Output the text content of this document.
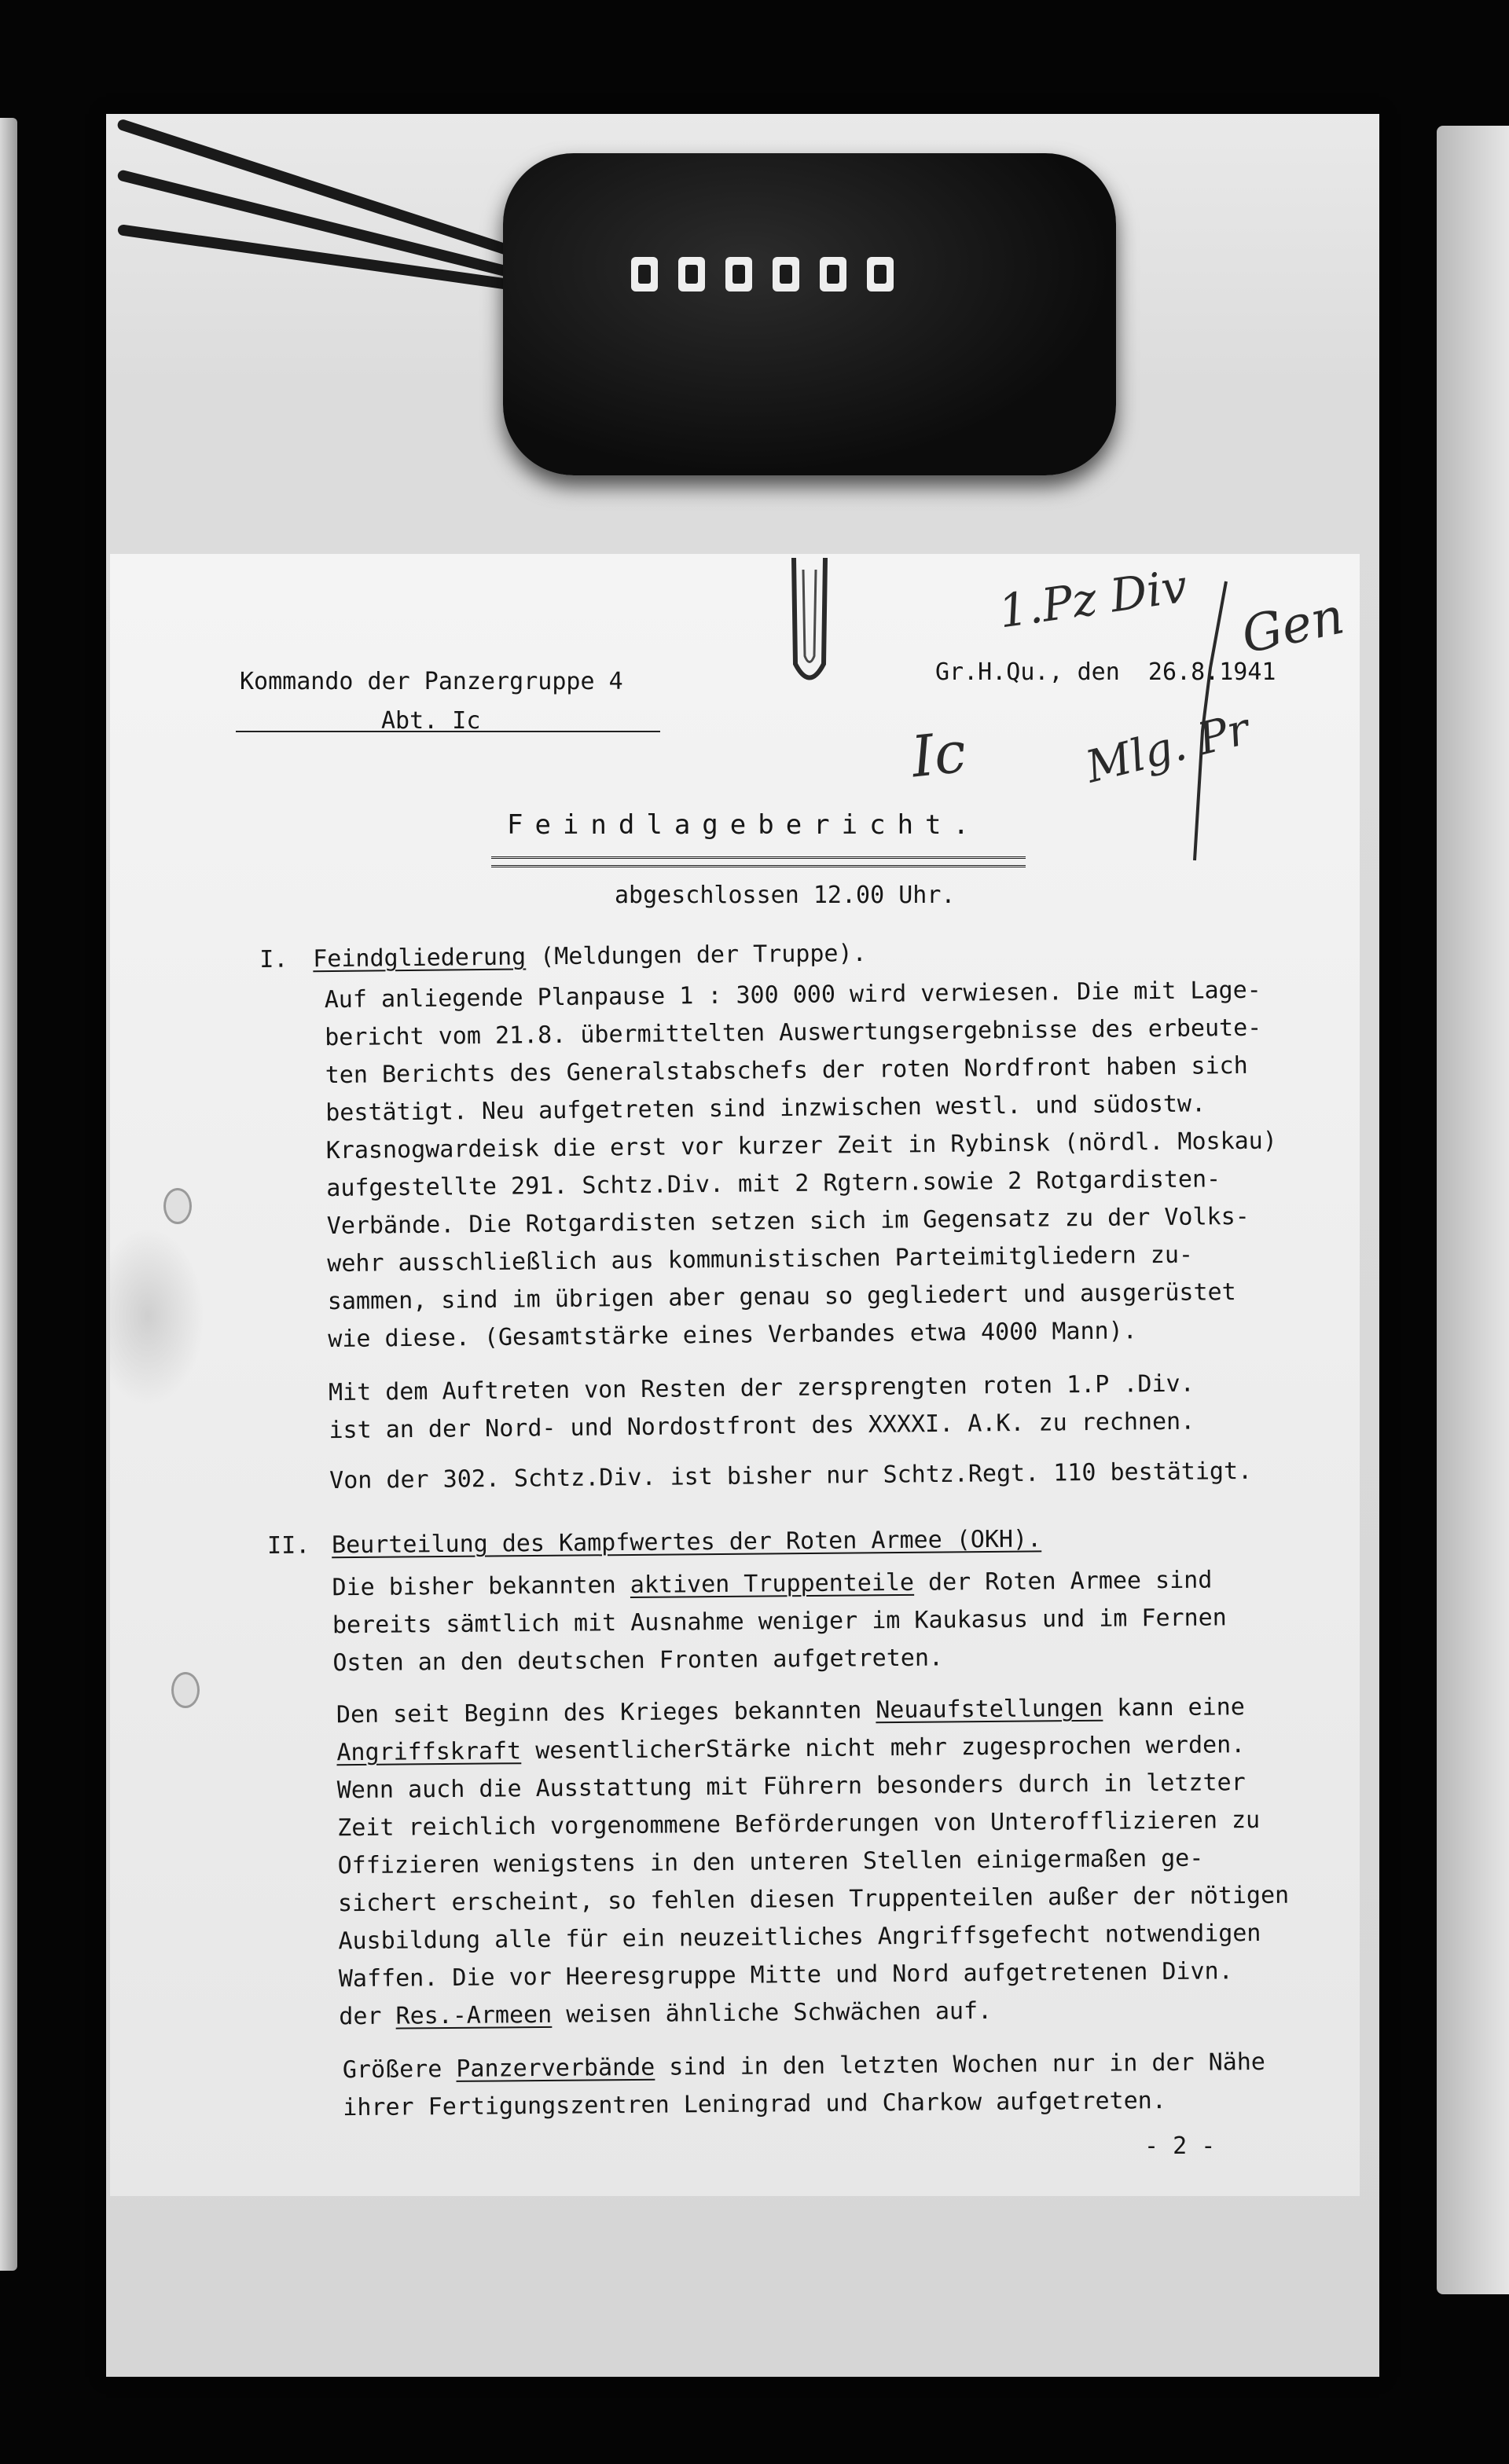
Kommando der Panzergruppe 4

Abt. Ic

Gr.H.Qu., den  26.8.1941

1.Pz Div Gen
Ic	Mlg. Pr
Feindlagebericht.

abgeschlossen 12.00 Uhr.

I. Feindgliederung (Meldungen der Truppe).

Auf anliegende Planpause 1 : 300 000 wird verwiesen. Die mit Lage-

bericht vom 21.8. übermittelten Auswertungsergebnisse des erbeute-

ten Berichts des Generalstabschefs der roten Nordfront haben sich

bestätigt. Neu aufgetreten sind inzwischen westl. und südostw.

Krasnogwardeisk die erst vor kurzer Zeit in Rybinsk (nördl. Moskau)

aufgestellte 291. Schtz.Div. mit 2 Rgtern.sowie 2 Rotgardisten-

Verbände. Die Rotgardisten setzen sich im Gegensatz zu der Volks-

wehr ausschließlich aus kommunistischen Parteimitgliedern zu-

sammen, sind im übrigen aber genau so gegliedert und ausgerüstet

wie diese. (Gesamtstärke eines Verbandes etwa 4000 Mann).

Mit dem Auftreten von Resten der zersprengten roten 1.P .Div.

ist an der Nord- und Nordostfront des XXXXI. A.K. zu rechnen.

Von der 302. Schtz.Div. ist bisher nur Schtz.Regt. 110 bestätigt.

II. Beurteilung des Kampfwertes der Roten Armee (OKH).

Die bisher bekannten aktiven Truppenteile der Roten Armee sind

bereits sämtlich mit Ausnahme weniger im Kaukasus und im Fernen

Osten an den deutschen Fronten aufgetreten.

Den seit Beginn des Krieges bekannten Neuaufstellungen kann eine

Angriffskraft wesentlicherStärke nicht mehr zugesprochen werden.

Wenn auch die Ausstattung mit Führern besonders durch in letzter

Zeit reichlich vorgenommene Beförderungen von Unterofflizieren zu

Offizieren wenigstens in den unteren Stellen einigermaßen ge-

sichert erscheint, so fehlen diesen Truppenteilen außer der nötigen

Ausbildung alle für ein neuzeitliches Angriffsgefecht notwendigen

Waffen. Die vor Heeresgruppe Mitte und Nord aufgetretenen Divn.

der Res.-Armeen weisen ähnliche Schwächen auf.

Größere Panzerverbände sind in den letzten Wochen nur in der Nähe

ihrer Fertigungszentren Leningrad und Charkow aufgetreten.

- 2 -
